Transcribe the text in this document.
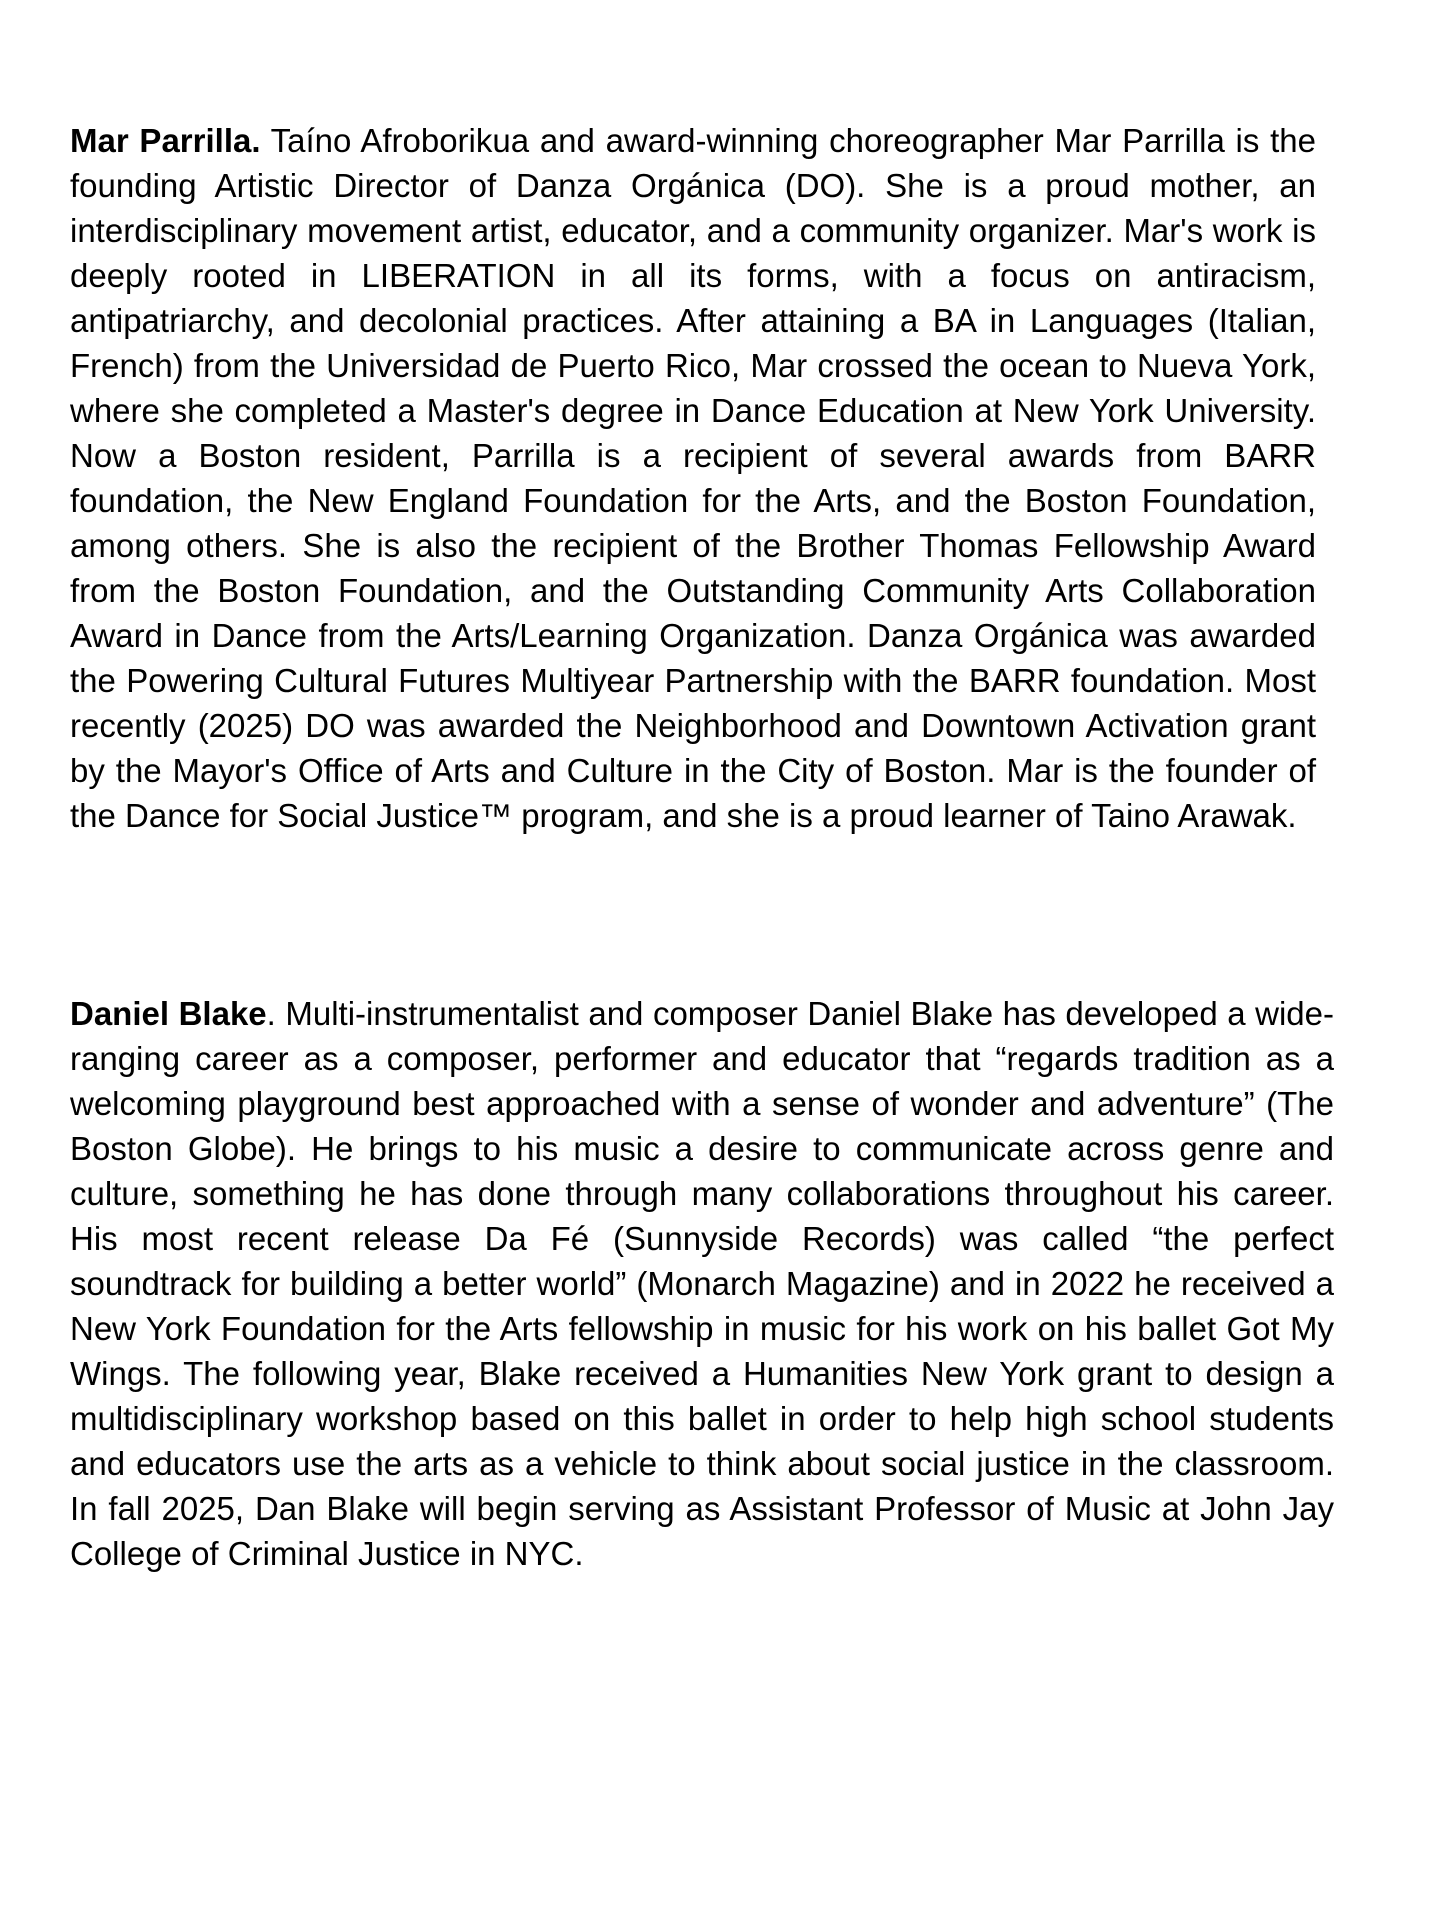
Mar Parrilla. Taíno Afroborikua and award-winning choreographer Mar Parrilla is the founding Artistic Director of Danza Orgánica (DO). She is a proud mother, an interdisciplinary movement artist, educator, and a community organizer. Mar's work is deeply rooted in LIBERATION in all its forms, with a focus on antiracism, antipatriarchy, and decolonial practices. After attaining a BA in Languages (Italian, French) from the Universidad de Puerto Rico, Mar crossed the ocean to Nueva York, where she completed a Master's degree in Dance Education at New York University. Now a Boston resident, Parrilla is a recipient of several awards from BARR foundation, the New England Foundation for the Arts, and the Boston Foundation, among others. She is also the recipient of the Brother Thomas Fellowship Award from the Boston Foundation, and the Outstanding Community Arts Collaboration Award in Dance from the Arts/Learning Organization. Danza Orgánica was awarded the Powering Cultural Futures Multiyear Partnership with the BARR foundation. Most recently (2025) DO was awarded the Neighborhood and Downtown Activation grant by the Mayor's Office of Arts and Culture in the City of Boston. Mar is the founder of the Dance for Social Justice™ program, and she is a proud learner of Taino Arawak.

Daniel Blake. Multi-instrumentalist and composer Daniel Blake has developed a wide-ranging career as a composer, performer and educator that “regards tradition as a welcoming playground best approached with a sense of wonder and adventure” (The Boston Globe). He brings to his music a desire to communicate across genre and culture, something he has done through many collaborations throughout his career. His most recent release Da Fé (Sunnyside Records) was called “the perfect soundtrack for building a better world” (Monarch Magazine) and in 2022 he received a New York Foundation for the Arts fellowship in music for his work on his ballet Got My Wings. The following year, Blake received a Humanities New York grant to design a multidisciplinary workshop based on this ballet in order to help high school students and educators use the arts as a vehicle to think about social justice in the classroom. In fall 2025, Dan Blake will begin serving as Assistant Professor of Music at John Jay College of Criminal Justice in NYC.
